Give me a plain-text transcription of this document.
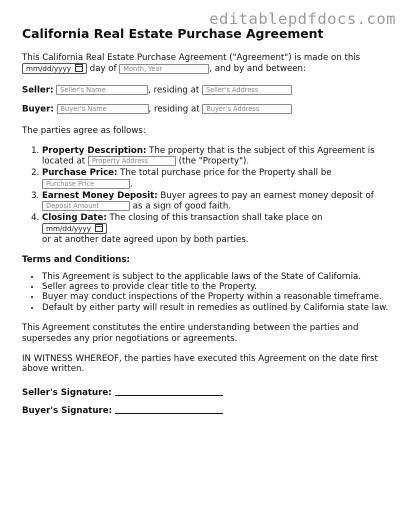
editablepdfdocs.com
California Real Estate Purchase Agreement

This California Real Estate Purchase Agreement ("Agreement") is made on this
mm/dd/yyyy day of Month, Year	, and by and between:

Seller: Seller's Name	, residing at Seller's Address
Buyer: Buyer's Name	, residing at Buyer's Address

The parties agree as follows:

1. Property Description: The property that is the subject of this Agreement is located at Property Address	(the "Property").
2. Purchase Price: The total purchase price for the Property shall be
Purchase Price	.
3. Earnest Money Deposit: Buyer agrees to pay an earnest money deposit of
Deposit Amount	as a sign of good faith.
4. Closing Date: The closing of this transaction shall take place on mm/dd/yyyy
or at another date agreed upon by both parties.

Terms and Conditions:

• This Agreement is subject to the applicable laws of the State of California.
• Seller agrees to provide clear title to the Property.
• Buyer may conduct inspections of the Property within a reasonable timeframe.
• Default by either party will result in remedies as outlined by California state law.

This Agreement constitutes the entire understanding between the parties and supersedes any prior negotiations or agreements.

IN WITNESS WHEREOF, the parties have executed this Agreement on the date first above written.

Seller's Signature:
Buyer's Signature:
